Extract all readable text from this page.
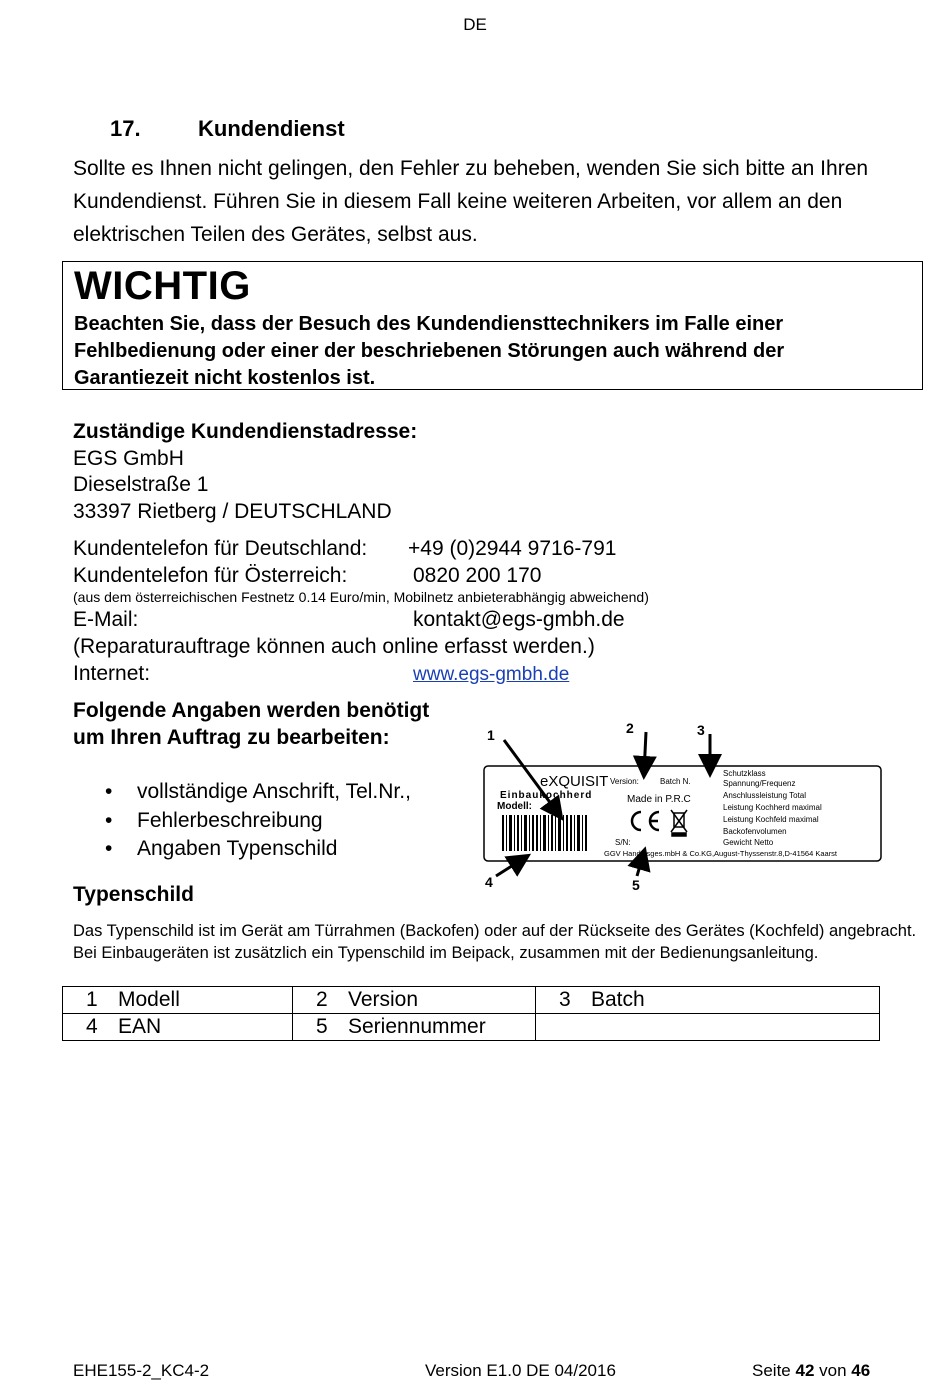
DE
17.	Kundendienst
Sollte es Ihnen nicht gelingen, den Fehler zu beheben, wenden Sie sich bitte an Ihren Kundendienst. Führen Sie in diesem Fall keine weiteren Arbeiten, vor allem an den elektrischen Teilen des Gerätes, selbst aus.
WICHTIG
Beachten Sie, dass der Besuch des Kundendiensttechnikers im Falle einer Fehlbedienung oder einer der beschriebenen Störungen auch während der Garantiezeit nicht kostenlos ist.
Zuständige Kundendienstadresse:
EGS GmbH
Dieselstraße 1
33397 Rietberg / DEUTSCHLAND
Kundentelefon für Deutschland: +49 (0)2944 9716-791
Kundentelefon für Österreich:	0820 200 170
(aus dem österreichischen Festnetz 0.14 Euro/min, Mobilnetz anbieterabhängig abweichend)
E-Mail:	kontakt@egs-gmbh.de
(Reparaturauftrage können auch online erfasst werden.)
Internet:	www.egs-gmbh.de
Folgende Angaben werden benötigt um Ihren Auftrag zu bearbeiten:
• vollständige Anschrift, Tel.Nr.,
• Fehlerbeschreibung
• Angaben Typenschild
1	2	3
4	5
eXQUISIT
Einbaukochherd
Modell:
Version:	Batch N.
Made in P.R.C
S/N:
Schutzklass
Spannung/Frequenz
Anschlussleistung Total
Leistung Kochherd maximal
Leistung Kochfeld maximal
Backofenvolumen
Gewicht Netto
GGV Handelsges.mbH & Co.KG,August-Thyssenstr.8,D-41564 Kaarst
Typenschild
Das Typenschild ist im Gerät am Türrahmen (Backofen) oder auf der Rückseite des Gerätes (Kochfeld) angebracht. Bei Einbaugeräten ist zusätzlich ein Typenschild im Beipack, zusammen mit der Bedienungsanleitung.
1 Modell	2 Version	3 Batch
4 EAN	5 Seriennummer	
EHE155-2_KC4-2	Version E1.0 DE 04/2016	Seite 42 von 46
